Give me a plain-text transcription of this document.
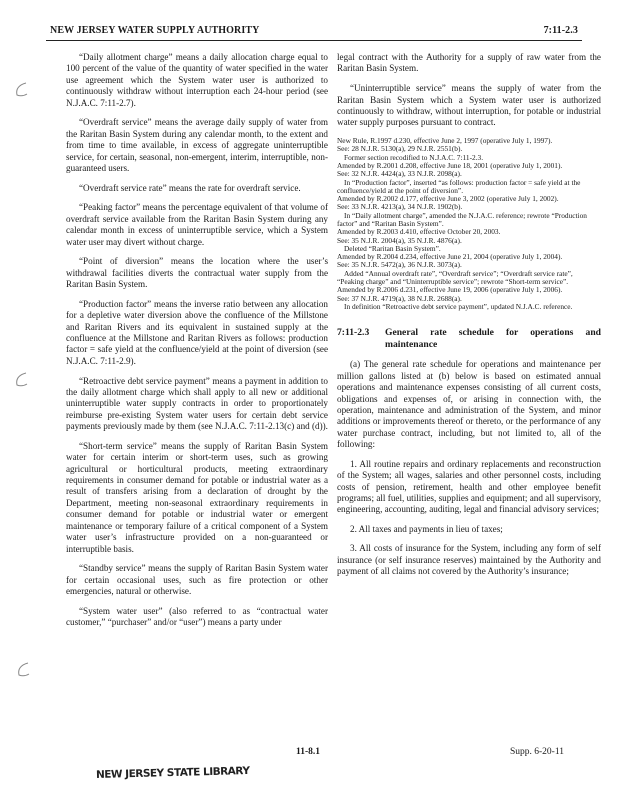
NEW JERSEY WATER SUPPLY AUTHORITY	7:11-2.3

“Daily allotment charge” means a daily allocation charge equal to 100 percent of the value of the quantity of water specified in the water use agreement which the System water user is authorized to continuously withdraw without interruption each 24-hour period (see N.J.A.C. 7:11-2.7).

“Overdraft service” means the average daily supply of water from the Raritan Basin System during any calendar month, to the extent and from time to time available, in excess of aggregate uninterruptible service, for certain, seasonal, non-emergent, interim, interruptible, non-guaranteed users.

“Overdraft service rate” means the rate for overdraft service.

“Peaking factor” means the percentage equivalent of that volume of overdraft service available from the Raritan Basin System during any calendar month in excess of uninterruptible service, which a System water user may divert without charge.

“Point of diversion” means the location where the user’s withdrawal facilities diverts the contractual water supply from the Raritan Basin System.

“Production factor” means the inverse ratio between any allocation for a depletive water diversion above the confluence of the Millstone and Raritan Rivers and its equivalent in sustained supply at the confluence at the Millstone and Raritan Rivers as follows: production factor = safe yield at the confluence/yield at the point of diversion (see N.J.A.C. 7:11-2.9).

“Retroactive debt service payment” means a payment in addition to the daily allotment charge which shall apply to all new or additional uninterruptible water supply contracts in order to proportionately reimburse pre-existing System water users for certain debt service payments previously made by them (see N.J.A.C. 7:11-2.13(c) and (d)).

“Short-term service” means the supply of Raritan Basin System water for certain interim or short-term uses, such as growing agricultural or horticultural products, meeting extraordinary requirements in consumer demand for potable or industrial water as a result of transfers arising from a declaration of drought by the Department, meeting non-seasonal extraordinary requirements in consumer demand for potable or industrial water or emergent maintenance or temporary failure of a critical component of a System water user’s infrastructure provided on a non-guaranteed or interruptible basis.

“Standby service” means the supply of Raritan Basin System water for certain occasional uses, such as fire protection or other emergencies, natural or otherwise.

“System water user” (also referred to as “contractual water customer,” “purchaser” and/or “user”) means a party under

legal contract with the Authority for a supply of raw water from the Raritan Basin System.

“Uninterruptible service” means the supply of water from the Raritan Basin System which a System water user is authorized continuously to withdraw, without interruption, for potable or industrial water supply purposes pursuant to contract.

New Rule, R.1997 d.230, effective June 2, 1997 (operative July 1, 1997).
See: 28 N.J.R. 5130(a), 29 N.J.R. 2551(b).
Former section recodified to N.J.A.C. 7:11-2.3.
Amended by R.2001 d.208, effective June 18, 2001 (operative July 1, 2001).
See: 32 N.J.R. 4424(a), 33 N.J.R. 2098(a).
In “Production factor”, inserted “as follows: production factor = safe yield at the confluence/yield at the point of diversion”.
Amended by R.2002 d.177, effective June 3, 2002 (operative July 1, 2002).
See: 33 N.J.R. 4213(a), 34 N.J.R. 1902(b).
In “Daily allotment charge”, amended the N.J.A.C. reference; rewrote “Production factor” and “Raritan Basin System”.
Amended by R.2003 d.410, effective October 20, 2003.
See: 35 N.J.R. 2004(a), 35 N.J.R. 4876(a).
Deleted “Raritan Basin System”.
Amended by R.2004 d.234, effective June 21, 2004 (operative July 1, 2004).
See: 35 N.J.R. 5472(a), 36 N.J.R. 3073(a).
Added “Annual overdraft rate”, “Overdraft service”; “Overdraft service rate”, “Peaking charge” and “Uninterruptible service”; rewrote “Short-term service”.
Amended by R.2006 d.231, effective June 19, 2006 (operative July 1, 2006).
See: 37 N.J.R. 4719(a), 38 N.J.R. 2688(a).
In definition “Retroactive debt service payment”, updated N.J.A.C. reference.
7:11-2.3	General rate schedule for operations and maintenance

(a) The general rate schedule for operations and maintenance per million gallons listed at (b) below is based on estimated annual operations and maintenance expenses consisting of all current costs, obligations and expenses of, or arising in connection with, the operation, maintenance and administration of the System, and minor additions or improvements thereof or thereto, or the performance of any water purchase contract, including, but not limited to, all of the following:

1. All routine repairs and ordinary replacements and reconstruction of the System; all wages, salaries and other personnel costs, including costs of pension, retirement, health and other employee benefit programs; all fuel, utilities, supplies and equipment; and all supervisory, engineering, accounting, auditing, legal and financial advisory services;

2. All taxes and payments in lieu of taxes;

3. All costs of insurance for the System, including any form of self insurance (or self insurance reserves) maintained by the Authority and payment of all claims not covered by the Authority’s insurance;

11-8.1	Supp. 6-20-11
NEW JERSEY STATE LIBRARY
